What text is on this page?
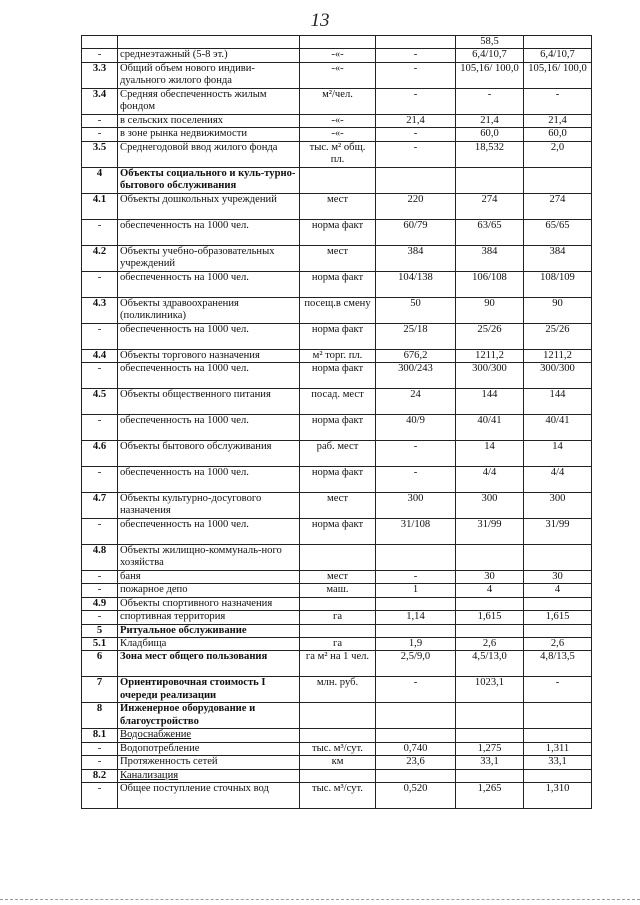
13
				58,5	
-	среднеэтажный (5-8 эт.)	-«-	-	6,4/10,7	6,4/10,7
3.3	Общий объем нового индиви-дуального жилого фонда	-«-	-	105,16/ 100,0	105,16/ 100,0
3.4	Средняя обеспеченность жилым фондом	м²/чел.	-	-	-
-	в сельских поселениях	-«-	21,4	21,4	21,4
-	в зоне рынка недвижимости	-«-	-	60,0	60,0
3.5	Среднегодовой ввод жилого фонда	тыс. м² общ. пл.	-	18,532	2,0
4	Объекты социального и куль-турно-бытового обслуживания				
4.1	Объекты дошкольных учреждений	мест	220	274	274
-	обеспеченность на 1000 чел.	норма факт	60/79	63/65	65/65
4.2	Объекты учебно-образовательных учреждений	мест	384	384	384
-	обеспеченность на 1000 чел.	норма факт	104/138	106/108	108/109
4.3	Объекты здравоохранения (поликлиника)	посещ.в смену	50	90	90
-	обеспеченность на 1000 чел.	норма факт	25/18	25/26	25/26
4.4	Объекты торгового назначения	м² торг. пл.	676,2	1211,2	1211,2
-	обеспеченность на 1000 чел.	норма факт	300/243	300/300	300/300
4.5	Объекты общественного питания	посад. мест	24	144	144
-	обеспеченность на 1000 чел.	норма факт	40/9	40/41	40/41
4.6	Объекты бытового обслуживания	раб. мест	-	14	14
-	обеспеченность на 1000 чел.	норма факт	-	4/4	4/4
4.7	Объекты культурно-досугового назначения	мест	300	300	300
-	обеспеченность на 1000 чел.	норма факт	31/108	31/99	31/99
4.8	Объекты жилищно-коммуналь-ного хозяйства				
-	баня	мест	-	30	30
-	пожарное депо	маш.	1	4	4
4.9	Объекты спортивного назначения				
-	спортивная территория	га	1,14	1,615	1,615
5	Ритуальное обслуживание				
5.1	Кладбища	га	1,9	2,6	2,6
6	Зона мест общего пользования	га м² на 1 чел.	2,5/9,0	4,5/13,0	4,8/13,5
7	Ориентировочная стоимость I очереди реализации	млн. руб.	-	1023,1	-
8	Инженерное оборудование и благоустройство				
8.1	Водоснабжение				
-	Водопотребление	тыс. м³/сут.	0,740	1,275	1,311
-	Протяженность сетей	км	23,6	33,1	33,1
8.2	Канализация				
-	Общее поступление сточных вод	тыс. м³/сут.	0,520	1,265	1,310
